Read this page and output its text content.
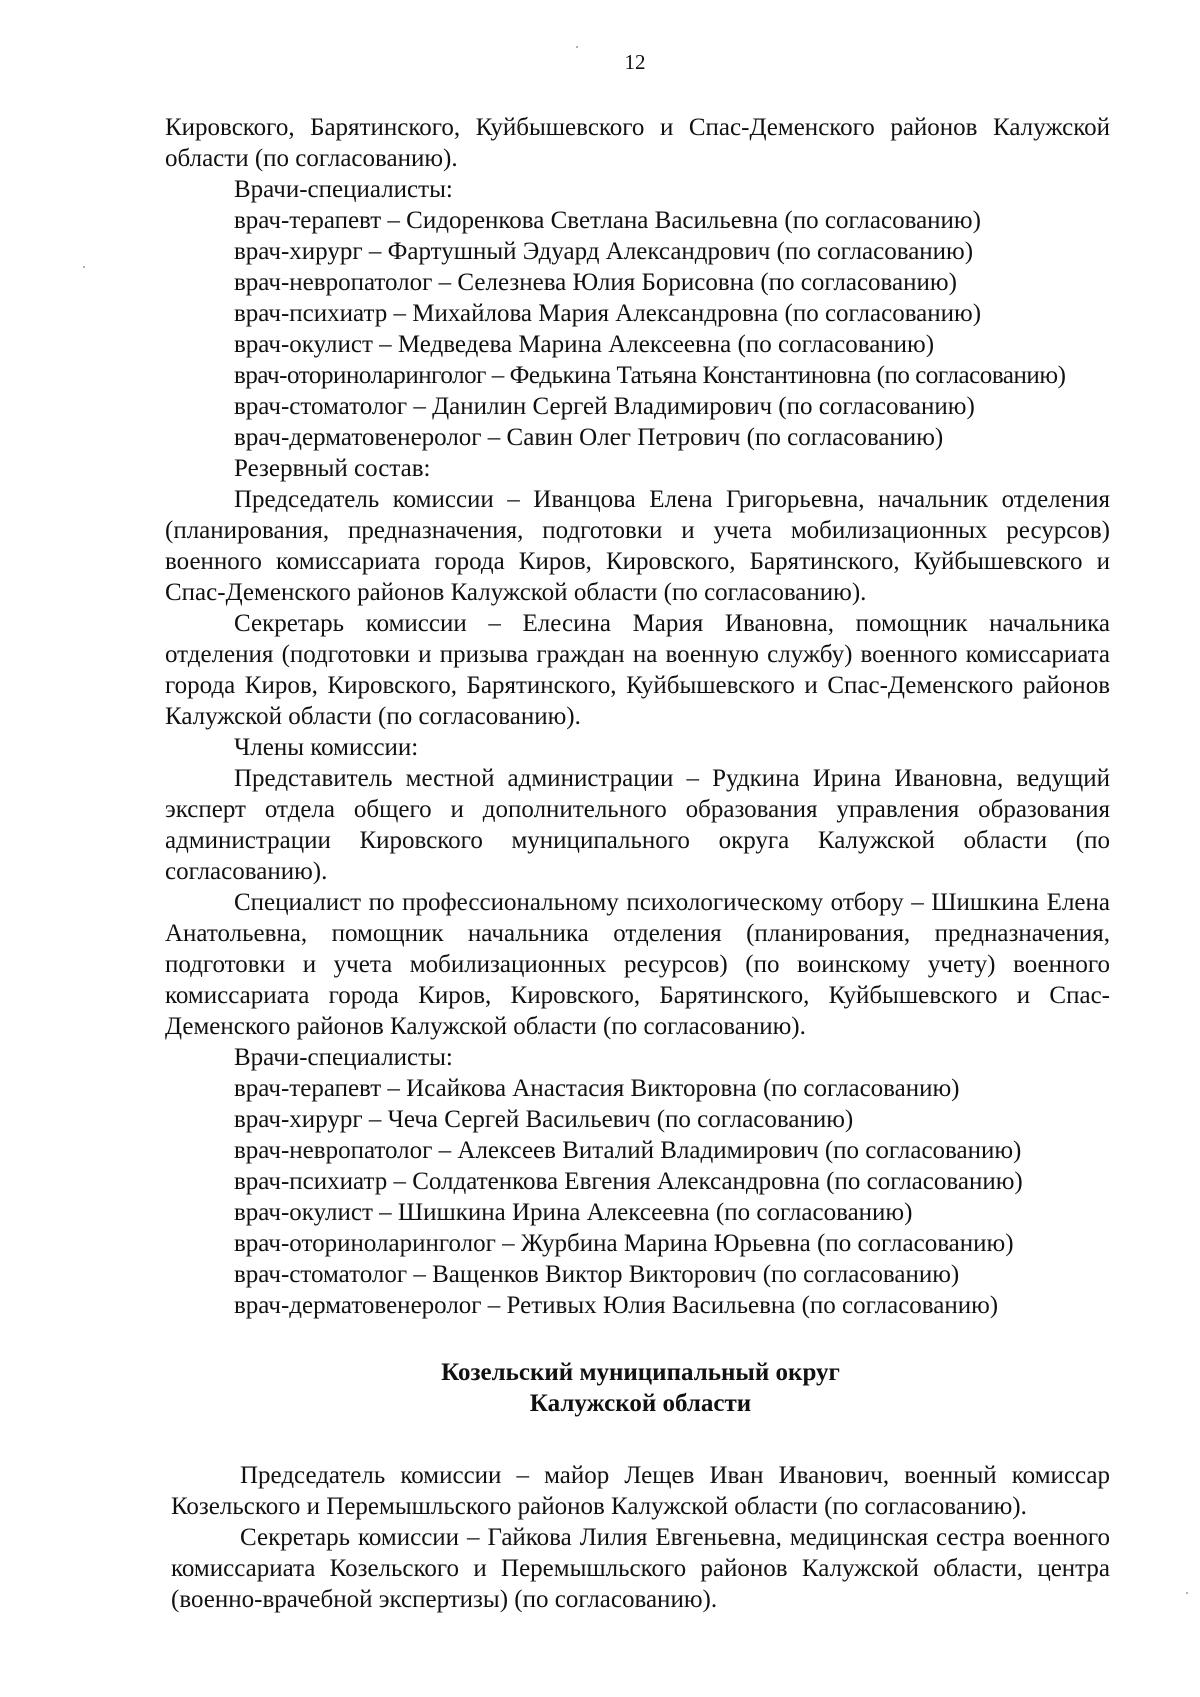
12

Кировского, Барятинского, Куйбышевского и Спас-Деменского районов Калужской области (по согласованию).

Врачи-специалисты:

врач-терапевт – Сидоренкова Светлана Васильевна (по согласованию)

врач-хирург – Фартушный Эдуард Александрович (по согласованию)

врач-невропатолог – Селезнева Юлия Борисовна (по согласованию)

врач-психиатр – Михайлова Мария Александровна (по согласованию)

врач-окулист – Медведева Марина Алексеевна (по согласованию)

врач-оториноларинголог – Федькина Татьяна Константиновна (по согласованию)

врач-стоматолог – Данилин Сергей Владимирович (по согласованию)

врач-дерматовенеролог – Савин Олег Петрович (по согласованию)

Резервный состав:

Председатель комиссии – Иванцова Елена Григорьевна, начальник отделения (планирования, предназначения, подготовки и учета мобилизационных ресурсов) военного комиссариата города Киров, Кировского, Барятинского, Куйбышевского и Спас-Деменского районов Калужской области (по согласованию).

Секретарь комиссии – Елесина Мария Ивановна, помощник начальника отделения (подготовки и призыва граждан на военную службу) военного комиссариата города Киров, Кировского, Барятинского, Куйбышевского и Спас-Деменского районов Калужской области (по согласованию).

Члены комиссии:

Представитель местной администрации – Рудкина Ирина Ивановна, ведущий эксперт отдела общего и дополнительного образования управления образования администрации Кировского муниципального округа Калужской области (по согласованию).

Специалист по профессиональному психологическому отбору – Шишкина Елена Анатольевна, помощник начальника отделения (планирования, предназначения, подготовки и учета мобилизационных ресурсов) (по воинскому учету) военного комиссариата города Киров, Кировского, Барятинского, Куйбышевского и Спас-Деменского районов Калужской области (по согласованию).

Врачи-специалисты:

врач-терапевт – Исайкова Анастасия Викторовна (по согласованию)

врач-хирург – Чеча Сергей Васильевич (по согласованию)

врач-невропатолог – Алексеев Виталий Владимирович (по согласованию)

врач-психиатр – Солдатенкова Евгения Александровна (по согласованию)

врач-окулист – Шишкина Ирина Алексеевна (по согласованию)

врач-оториноларинголог – Журбина Марина Юрьевна (по согласованию)

врач-стоматолог – Ващенков Виктор Викторович (по согласованию)

врач-дерматовенеролог – Ретивых Юлия Васильевна (по согласованию)

Козельский муниципальный округ

Калужской области

Председатель комиссии – майор Лещев Иван Иванович, военный комиссар Козельского и Перемышльского районов Калужской области (по согласованию).

Секретарь комиссии – Гайкова Лилия Евгеньевна, медицинская сестра военного комиссариата Козельского и Перемышльского районов Калужской области, центра (военно-врачебной экспертизы) (по согласованию).
